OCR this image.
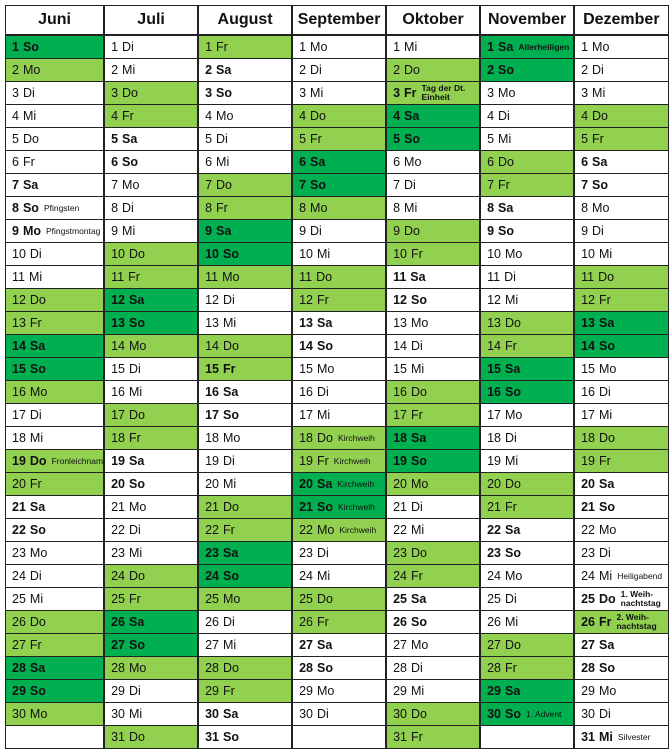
Juni	Juli	August	September	Oktober	November	Dezember

1 So	1 Di	1 Fr	1 Mo	1 Mi	1 Sa Allerheiligen	1 Mo

2 Mo	2 Mi	2 Sa	2 Di	2 Do	2 So	2 Di

3 Di	3 Do	3 So	3 Mi	3 Fr Tag der Dt. Einheit	3 Mo	3 Mi

4 Mi	4 Fr	4 Mo	4 Do	4 Sa	4 Di	4 Do

5 Do	5 Sa	5 Di	5 Fr	5 So	5 Mi	5 Fr

6 Fr	6 So	6 Mi	6 Sa	6 Mo	6 Do	6 Sa

7 Sa	7 Mo	7 Do	7 So	7 Di	7 Fr	7 So

8 So Pfingsten	8 Di	8 Fr	8 Mo	8 Mi	8 Sa	8 Mo

9 Mo Pfingstmontag	9 Mi	9 Sa	9 Di	9 Do	9 So	9 Di

10 Di	10 Do	10 So	10 Mi	10 Fr	10 Mo	10 Mi

11 Mi	11 Fr	11 Mo	11 Do	11 Sa	11 Di	11 Do

12 Do	12 Sa	12 Di	12 Fr	12 So	12 Mi	12 Fr

13 Fr	13 So	13 Mi	13 Sa	13 Mo	13 Do	13 Sa

14 Sa	14 Mo	14 Do	14 So	14 Di	14 Fr	14 So

15 So	15 Di	15 Fr	15 Mo	15 Mi	15 Sa	15 Mo

16 Mo	16 Mi	16 Sa	16 Di	16 Do	16 So	16 Di

17 Di	17 Do	17 So	17 Mi	17 Fr	17 Mo	17 Mi

18 Mi	18 Fr	18 Mo	18 Do Kirchweih	18 Sa	18 Di	18 Do

19 Do Fronleichnam	19 Sa	19 Di	19 Fr Kirchweih	19 So	19 Mi	19 Fr

20 Fr	20 So	20 Mi	20 Sa Kirchweih	20 Mo	20 Do	20 Sa

21 Sa	21 Mo	21 Do	21 So Kirchweih	21 Di	21 Fr	21 So

22 So	22 Di	22 Fr	22 Mo Kirchweih	22 Mi	22 Sa	22 Mo

23 Mo	23 Mi	23 Sa	23 Di	23 Do	23 So	23 Di

24 Di	24 Do	24 So	24 Mi	24 Fr	24 Mo	24 Mi Heiligabend

25 Mi	25 Fr	25 Mo	25 Do	25 Sa	25 Di	25 Do 1. Weih-nachtstag

26 Do	26 Sa	26 Di	26 Fr	26 So	26 Mi	26 Fr 2. Weih-nachtstag

27 Fr	27 So	27 Mi	27 Sa	27 Mo	27 Do	27 Sa

28 Sa	28 Mo	28 Do	28 So	28 Di	28 Fr	28 So

29 So	29 Di	29 Fr	29 Mo	29 Mi	29 Sa	29 Mo

30 Mo	30 Mi	30 Sa	30 Di	30 Do	30 So 1. Advent	30 Di

	31 Do	31 So		31 Fr		31 Mi Silvester
